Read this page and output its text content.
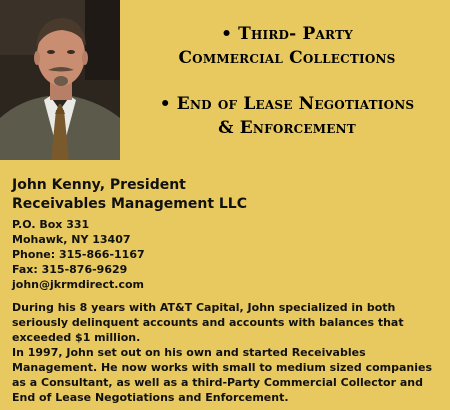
• Third- Party
Commercial Collections
• End of Lease Negotiations
& Enforcement
John Kenny, President
Receivables Management LLC
P.O. Box 331
Mohawk, NY 13407
Phone: 315-866-1167
Fax: 315-876-9629
john@jkrmdirect.com
During his 8 years with AT&T Capital, John specialized in both seriously delinquent accounts and accounts with balances that exceeded $1 million.
In 1997, John set out on his own and started Receivables Management. He now works with small to medium sized companies as a Consultant, as well as a third-Party Commercial Collector and End of Lease Negotiations and Enforcement.
